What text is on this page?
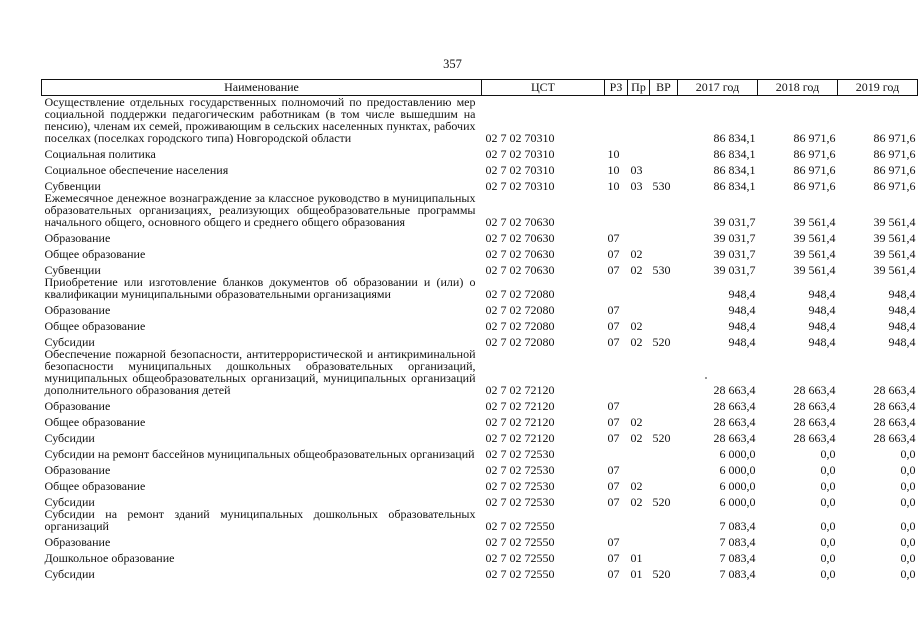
357
Наименование	ЦСТ	РЗ	Пр	ВР	2017 год	2018 год	2019 год
Осуществление отдельных государственных полномочий по предоставлению мер социальной поддержки педагогическим работникам (в том числе вышедшим на пенсию), членам их семей, проживающим в сельских населенных пунктах, рабочих поселках (поселках городского типа) Новгородской области	02 7 02 70310				86 834,1	86 971,6	86 971,6
Социальная политика	02 7 02 70310	10			86 834,1	86 971,6	86 971,6
Социальное обеспечение населения	02 7 02 70310	10	03		86 834,1	86 971,6	86 971,6
Субвенции	02 7 02 70310	10	03	530	86 834,1	86 971,6	86 971,6
Ежемесячное денежное вознаграждение за классное руководство в муниципальных образовательных организациях, реализующих общеобразовательные программы начального общего, основного общего и среднего общего образования	02 7 02 70630				39 031,7	39 561,4	39 561,4
Образование	02 7 02 70630	07			39 031,7	39 561,4	39 561,4
Общее образование	02 7 02 70630	07	02		39 031,7	39 561,4	39 561,4
Субвенции	02 7 02 70630	07	02	530	39 031,7	39 561,4	39 561,4
Приобретение или изготовление бланков документов об образовании и (или) о квалификации муниципальными образовательными организациями	02 7 02 72080				948,4	948,4	948,4
Образование	02 7 02 72080	07			948,4	948,4	948,4
Общее образование	02 7 02 72080	07	02		948,4	948,4	948,4
Субсидии	02 7 02 72080	07	02	520	948,4	948,4	948,4
Обеспечение пожарной безопасности, антитеррористической и антикриминальной безопасности муниципальных дошкольных образовательных организаций, муниципальных общеобразовательных организаций, муниципальных организаций дополнительного образования детей	02 7 02 72120				28 663,4	28 663,4	28 663,4
Образование	02 7 02 72120	07			28 663,4	28 663,4	28 663,4
Общее образование	02 7 02 72120	07	02		28 663,4	28 663,4	28 663,4
Субсидии	02 7 02 72120	07	02	520	28 663,4	28 663,4	28 663,4
Субсидии на ремонт бассейнов муниципальных общеобразовательных организаций	02 7 02 72530				6 000,0	0,0	0,0
Образование	02 7 02 72530	07			6 000,0	0,0	0,0
Общее образование	02 7 02 72530	07	02		6 000,0	0,0	0,0
Субсидии	02 7 02 72530	07	02	520	6 000,0	0,0	0,0
Субсидии на ремонт зданий муниципальных дошкольных образовательных организаций	02 7 02 72550				7 083,4	0,0	0,0
Образование	02 7 02 72550	07			7 083,4	0,0	0,0
Дошкольное образование	02 7 02 72550	07	01		7 083,4	0,0	0,0
Субсидии	02 7 02 72550	07	01	520	7 083,4	0,0	0,0
